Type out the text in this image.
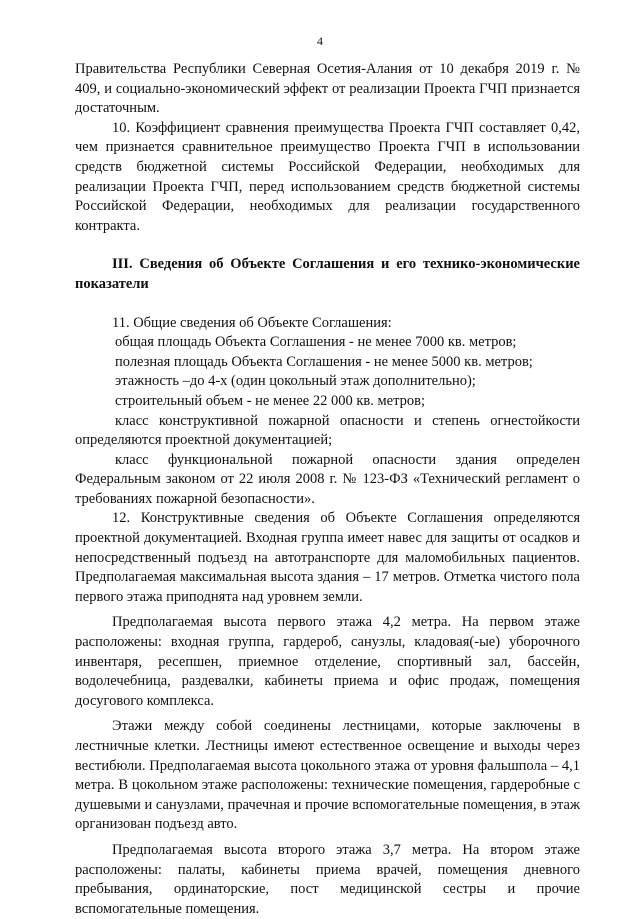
4

Правительства Республики Северная Осетия-Алания от 10 декабря 2019 г. № 409, и социально-экономический эффект от реализации Проекта ГЧП признается достаточным.

10. Коэффициент сравнения преимущества Проекта ГЧП составляет 0,42, чем признается сравнительное преимущество Проекта ГЧП в использовании средств бюджетной системы Российской Федерации, необходимых для реализации Проекта ГЧП, перед использованием средств бюджетной системы Российской Федерации, необходимых для реализации государственного контракта.

III. Сведения об Объекте Соглашения и его технико-экономические показатели

11. Общие сведения об Объекте Соглашения:

общая площадь Объекта Соглашения - не менее 7000 кв. метров;

полезная площадь Объекта Соглашения - не менее 5000 кв. метров;

этажность –до 4-х (один цокольный этаж дополнительно);

строительный объем - не менее 22 000 кв. метров;

класс конструктивной пожарной опасности и степень огнестойкости определяются проектной документацией;

класс функциональной пожарной опасности здания определен Федеральным законом от 22 июля 2008 г. № 123-ФЗ «Технический регламент о требованиях пожарной безопасности».

12. Конструктивные сведения об Объекте Соглашения определяются проектной документацией. Входная группа имеет навес для защиты от осадков и непосредственный подъезд на автотранспорте для маломобильных пациентов. Предполагаемая максимальная высота здания – 17 метров. Отметка чистого пола первого этажа приподнята над уровнем земли.

Предполагаемая высота первого этажа 4,2 метра. На первом этаже расположены: входная группа, гардероб, санузлы, кладовая(-ые) уборочного инвентаря, ресепшен, приемное отделение, спортивный зал, бассейн, водолечебница, раздевалки, кабинеты приема и офис продаж, помещения досугового комплекса.

Этажи между собой соединены лестницами, которые заключены в лестничные клетки. Лестницы имеют естественное освещение и выходы через вестибюли. Предполагаемая высота цокольного этажа от уровня фальшпола – 4,1 метра. В цокольном этаже расположены: технические помещения, гардеробные с душевыми и санузлами, прачечная и прочие вспомогательные помещения, в этаж организован подъезд авто.

Предполагаемая высота второго этажа 3,7 метра. На втором этаже расположены: палаты, кабинеты приема врачей, помещения дневного пребывания, ординаторские, пост медицинской сестры и прочие вспомогательные помещения.
